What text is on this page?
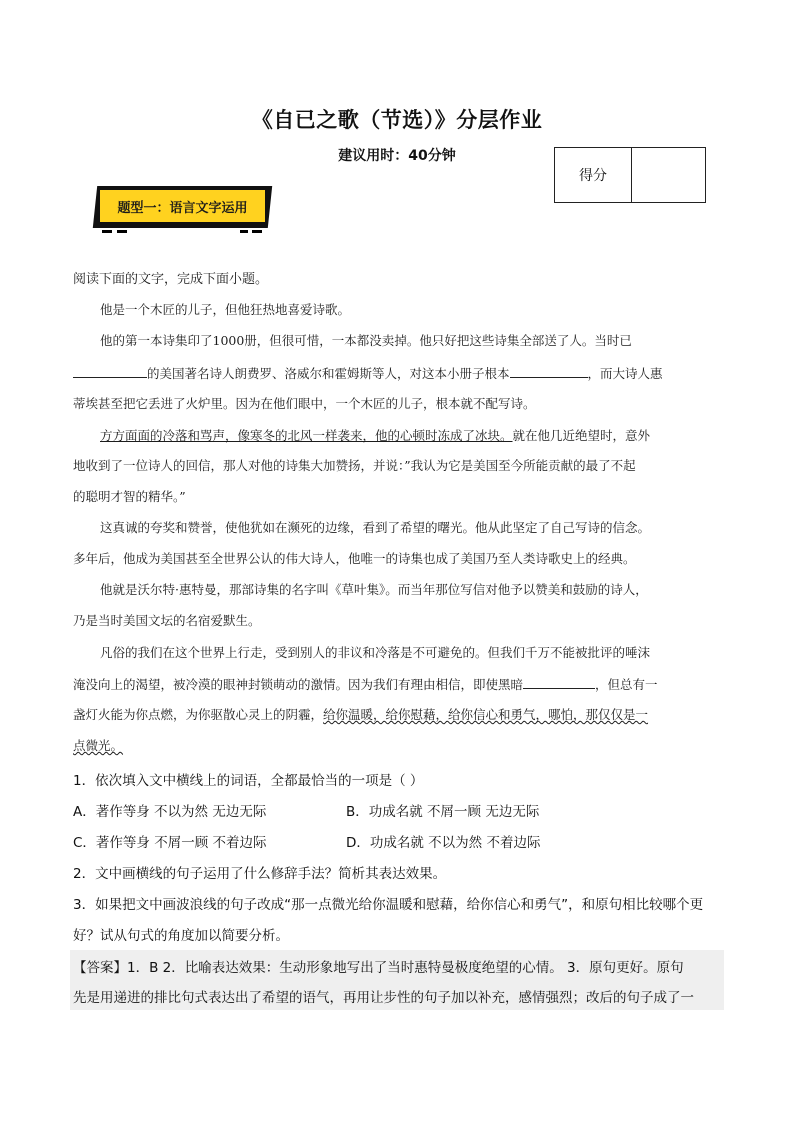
《自已之歌（节选）》分层作业
建议用时：40分钟
得分
题型一：语言文字运用
阅读下面的文字，完成下面小题。
他是一个木匠的儿子，但他狂热地喜爱诗歌。
他的第一本诗集印了1000册，但很可惜，一本都没卖掉。他只好把这些诗集全部送了人。当时已
的美国著名诗人朗费罗、洛威尔和霍姆斯等人，对这本小册子根本	，而大诗人惠
蒂埃甚至把它丢进了火炉里。因为在他们眼中，一个木匠的儿子，根本就不配写诗。
方方面面的冷落和骂声，像寒冬的北风一样袭来，他的心顿时冻成了冰块。就在他几近绝望时，意外
地收到了一位诗人的回信，那人对他的诗集大加赞扬，并说：”我认为它是美国至今所能贡献的最了不起
的聪明才智的精华。”
这真诚的夸奖和赞誉，使他犹如在濒死的边缘，看到了希望的曙光。他从此坚定了自己写诗的信念。
多年后，他成为美国甚至全世界公认的伟大诗人，他唯一的诗集也成了美国乃至人类诗歌史上的经典。
他就是沃尔特·惠特曼，那部诗集的名字叫《草叶集》。而当年那位写信对他予以赞美和鼓励的诗人，
乃是当时美国文坛的名宿爱默生。
凡俗的我们在这个世界上行走，受到别人的非议和冷落是不可避免的。但我们千万不能被批评的唾沫
淹没向上的渴望，被冷漠的眼神封锁萌动的激情。因为我们有理由相信，即使黑暗	，但总有一
盏灯火能为你点燃，为你驱散心灵上的阴霾，给你温暖，给你慰藉，给你信心和勇气，哪怕，那仅仅是一
点微光。
1．依次填入文中横线上的词语，全都最恰当的一项是（ ）
A．著作等身 不以为然 无边无际	B．功成名就 不屑一顾 无边无际
C．著作等身 不屑一顾 不着边际	D．功成名就 不以为然 不着边际
2．文中画横线的句子运用了什么修辞手法？简析其表达效果。
3．如果把文中画波浪线的句子改成“那一点微光给你温暖和慰藉，给你信心和勇气”，和原句相比较哪个更
好？试从句式的角度加以简要分析。
【答案】1．B 2．比喻表达效果：生动形象地写出了当时惠特曼极度绝望的心情。 3．原句更好。原句
先是用递进的排比句式表达出了希望的语气，再用让步性的句子加以补充，感情强烈；改后的句子成了一
